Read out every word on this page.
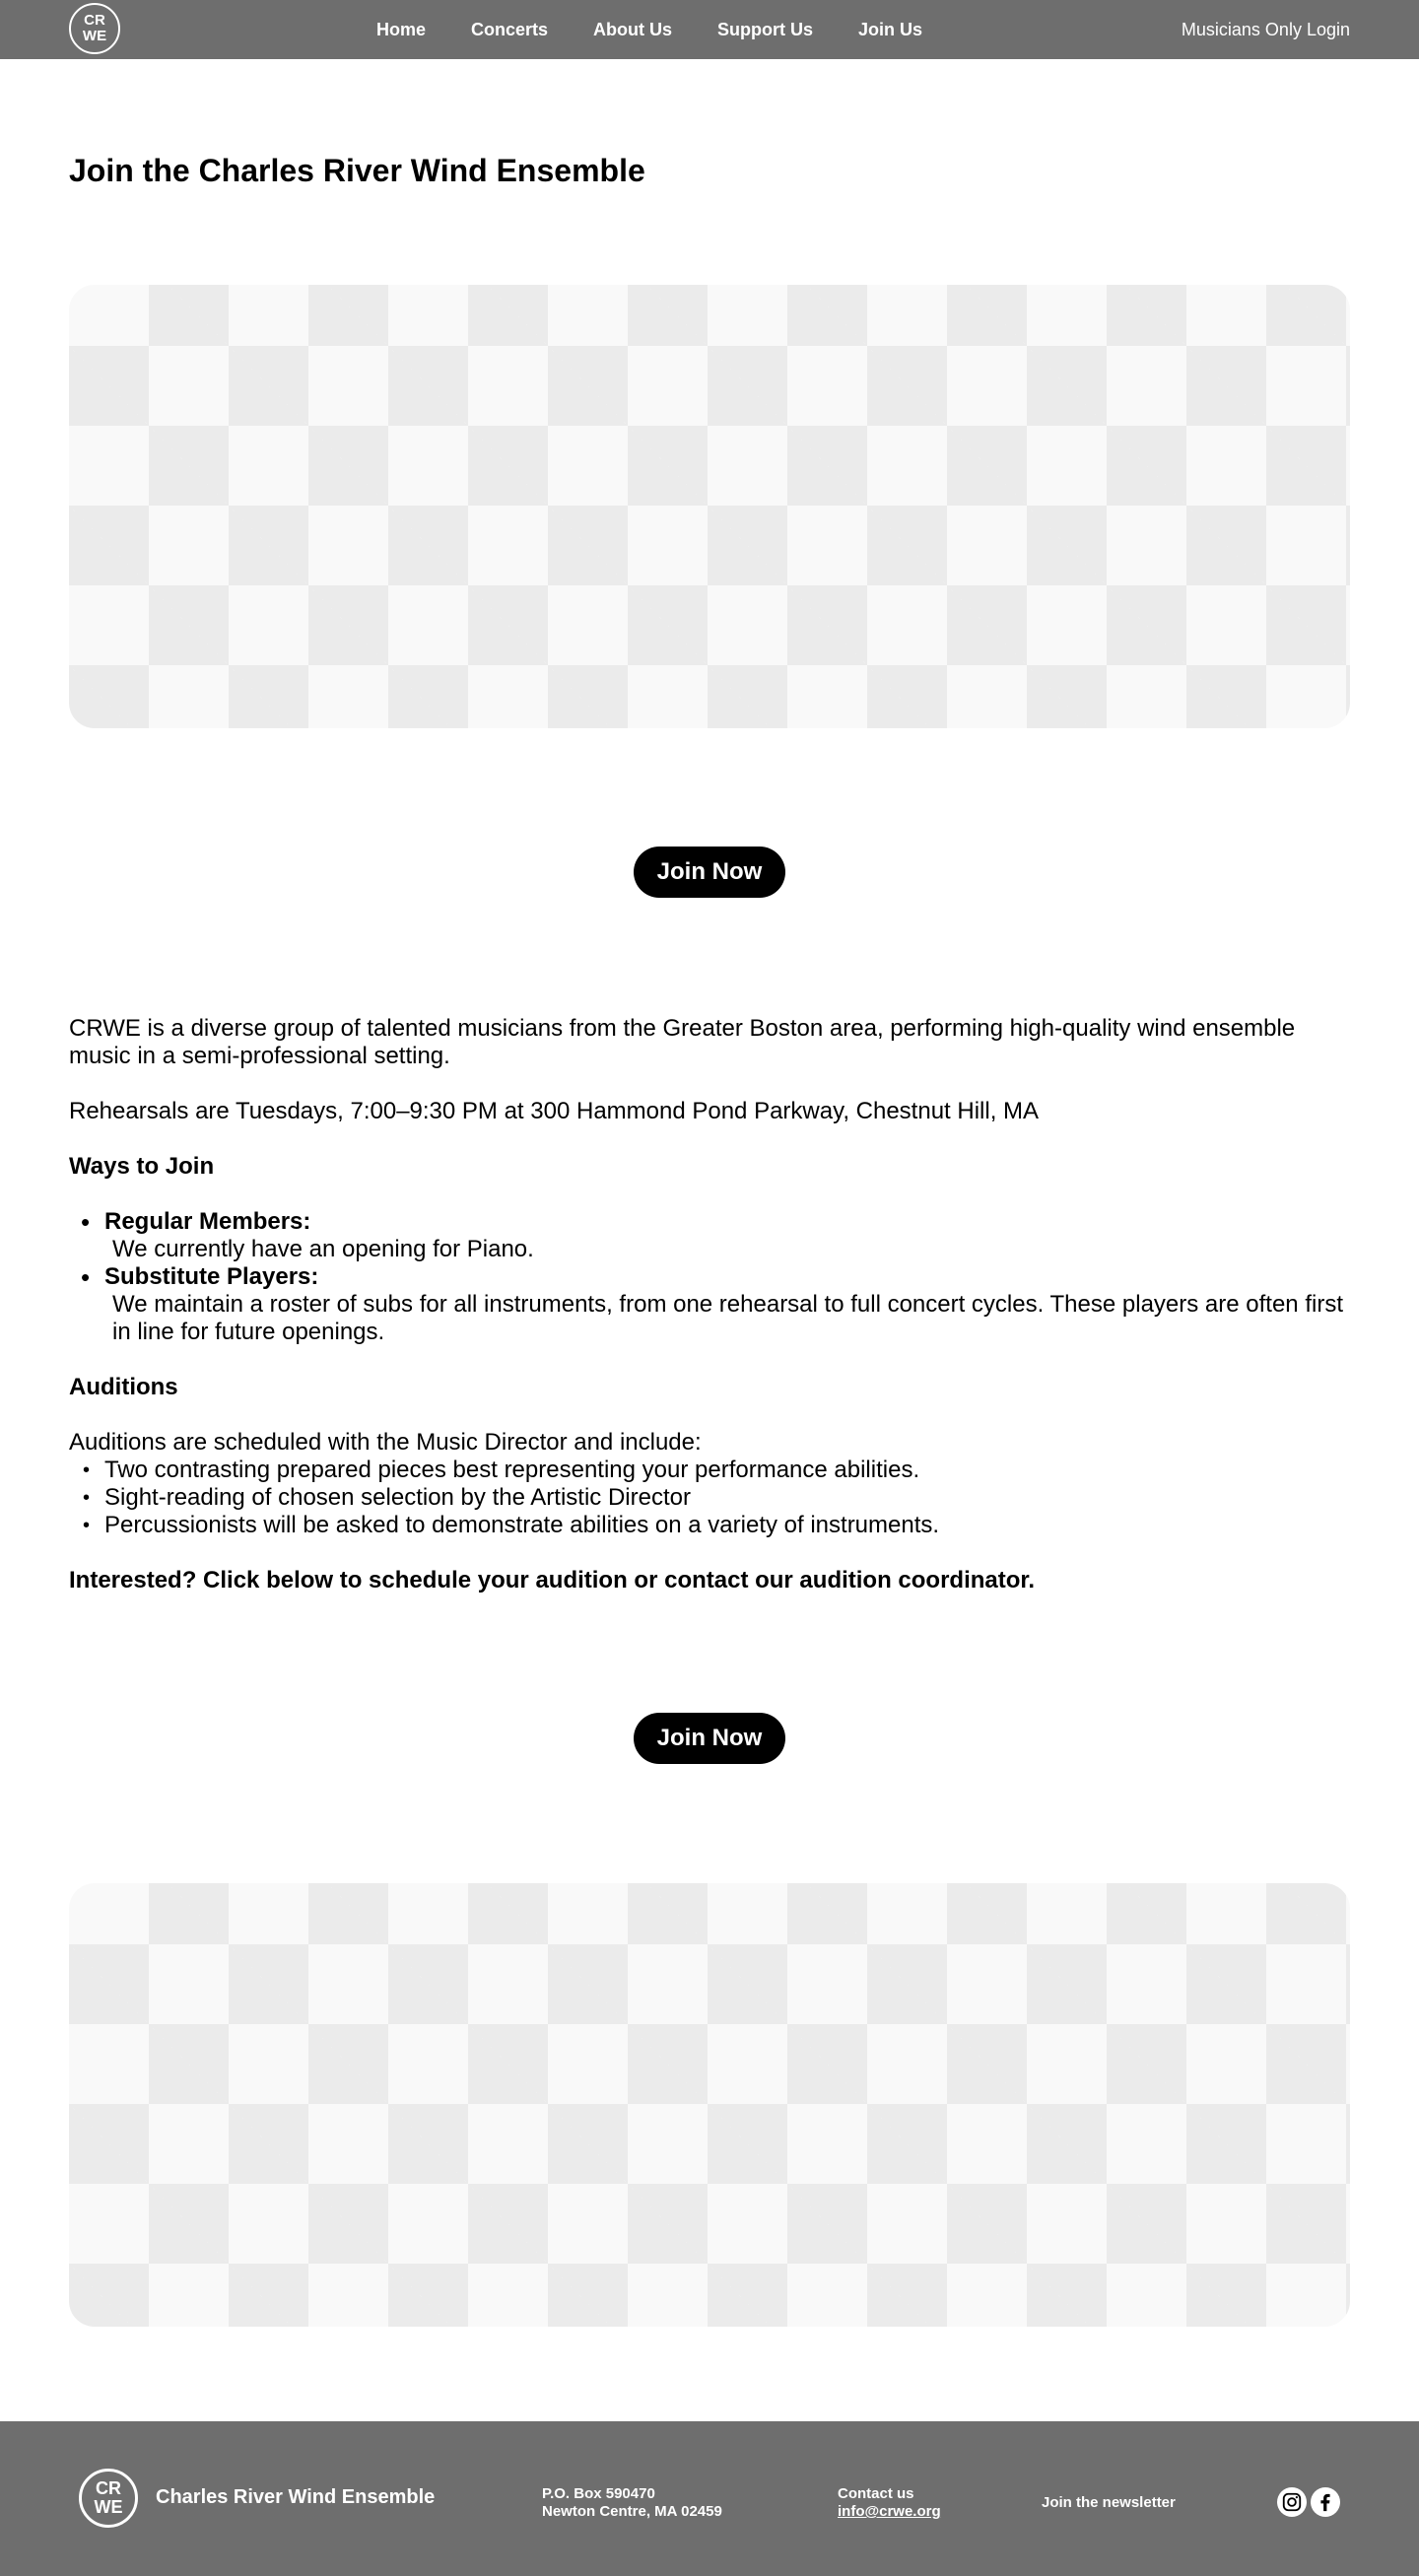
CR
WE	Home	Concerts	About Us	Support Us	Join Us	Musicians Only Login
Join the Charles River Wind Ensemble
Join Now

CRWE is a diverse group of talented musicians from the Greater Boston area, performing high-quality wind ensemble music in a semi-professional setting.

Rehearsals are Tuesdays, 7:00–9:30 PM at 300 Hammond Pond Parkway, Chestnut Hill, MA

Ways to Join
• Regular Members:
We currently have an opening for Piano.
• Substitute Players:
We maintain a roster of subs for all instruments, from one rehearsal to full concert cycles. These players are often first in line for future openings.
Auditions

Auditions are scheduled with the Music Director and include:

• Two contrasting prepared pieces best representing your performance abilities.
• Sight-reading of chosen selection by the Artistic Director
• Percussionists will be asked to demonstrate abilities on a variety of instruments.

Interested? Click below to schedule your audition or contact our audition coordinator.

Join Now
CR
WE Charles River Wind Ensemble	P.O. Box 590470
Newton Centre, MA 02459
Contact us
info@crwe.org
Join the newsletter
